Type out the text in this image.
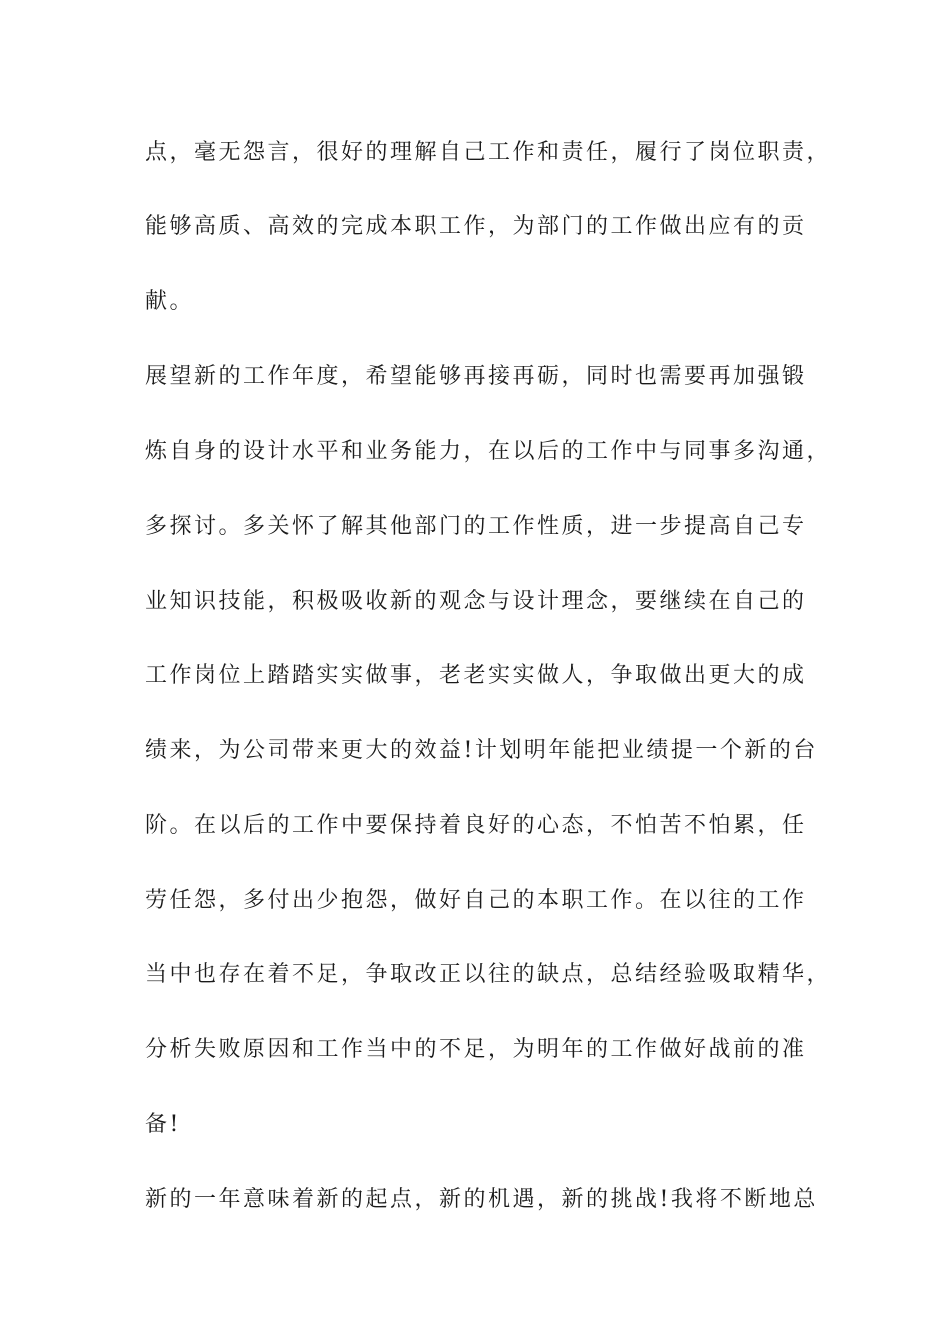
点，毫无怨言，很好的理解自己工作和责任，履行了岗位职责，
能够高质、高效的完成本职工作，为部门的工作做出应有的贡
献。
展望新的工作年度，希望能够再接再砺，同时也需要再加强锻
炼自身的设计水平和业务能力，在以后的工作中与同事多沟通，
多探讨。多关怀了解其他部门的工作性质，进一步提高自己专
业知识技能，积极吸收新的观念与设计理念，要继续在自己的
工作岗位上踏踏实实做事，老老实实做人，争取做出更大的成
绩来，为公司带来更大的效益!计划明年能把业绩提一个新的台
阶。在以后的工作中要保持着良好的心态，不怕苦不怕累，任
劳任怨，多付出少抱怨，做好自己的本职工作。在以往的工作
当中也存在着不足，争取改正以往的缺点，总结经验吸取精华，
分析失败原因和工作当中的不足，为明年的工作做好战前的准
备!
新的一年意味着新的起点，新的机遇，新的挑战!我将不断地总
